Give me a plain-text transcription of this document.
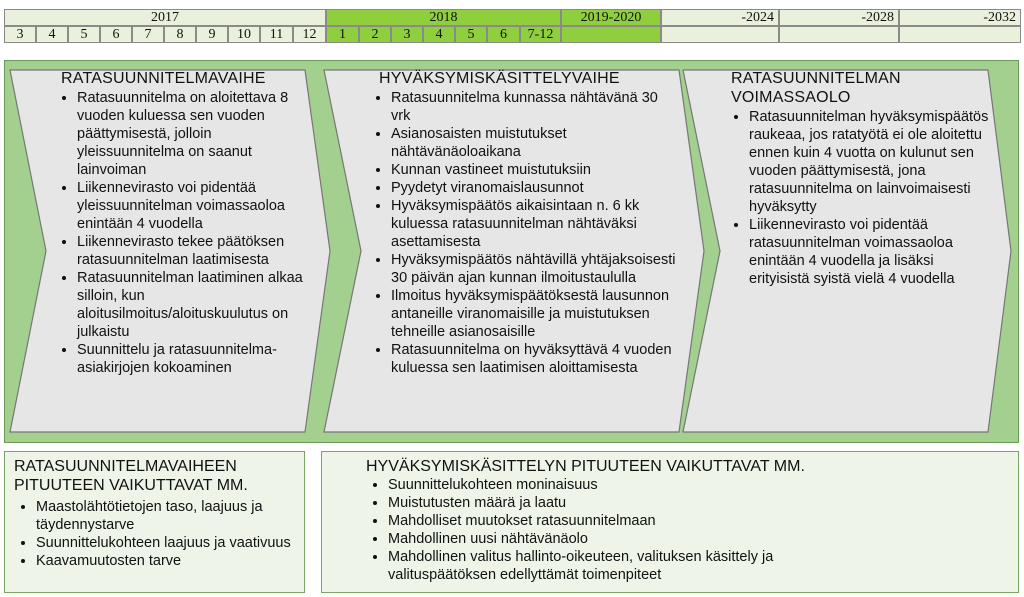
2017	2018	2019-2020	-2024	-2028	-2032
3	4	5	6	7	8	9	10	11	12	1	2	3	4	5	6	7-12
RATASUUNNITELMAVAIHE
• Ratasuunnitelma on aloitettava 8 vuoden kuluessa sen vuoden päättymisestä, jolloin yleissuunnitelma on saanut lainvoiman
• Liikennevirasto voi pidentää yleissuunnitelman voimassaoloa enintään 4 vuodella
• Liikennevirasto tekee päätöksen ratasuunnitelman laatimisesta
• Ratasuunnitelman laatiminen alkaa silloin, kun aloitusilmoitus/aloituskuulutus on julkaistu
• Suunnittelu ja ratasuunnitelma-asiakirjojen kokoaminen
HYVÄKSYMISKÄSITTELYVAIHE
• Ratasuunnitelma kunnassa nähtävänä 30 vrk
• Asianosaisten muistutukset nähtävänäoloaikana
• Kunnan vastineet muistutuksiin
• Pyydetyt viranomaislausunnot
• Hyväksymispäätös aikaisintaan n. 6 kk kuluessa ratasuunnitelman nähtäväksi asettamisesta
• Hyväksymispäätös nähtävillä yhtäjaksoisesti 30 päivän ajan kunnan ilmoitustaululla
• Ilmoitus hyväksymispäätöksestä lausunnon antaneille viranomaisille ja muistutuksen tehneille asianosaisille
• Ratasuunnitelma on hyväksyttävä 4 vuoden kuluessa sen laatimisen aloittamisesta
RATASUUNNITELMAN VOIMASSAOLO
• Ratasuunnitelman hyväksymispäätös raukeaa, jos ratatyötä ei ole aloitettu ennen kuin 4 vuotta on kulunut sen vuoden päättymisestä, jona ratasuunnitelma on lainvoimaisesti hyväksytty
• Liikennevirasto voi pidentää ratasuunnitelman voimassaoloa enintään 4 vuodella ja lisäksi erityisistä syistä vielä 4 vuodella
RATASUUNNITELMAVAIHEEN PITUUTEEN VAIKUTTAVAT MM.
• Maastolähtötietojen taso, laajuus ja täydennystarve
• Suunnittelukohteen laajuus ja vaativuus
• Kaavamuutosten tarve
HYVÄKSYMISKÄSITTELYN PITUUTEEN VAIKUTTAVAT MM.
• Suunnittelukohteen moninaisuus
• Muistutusten määrä ja laatu
• Mahdolliset muutokset ratasuunnitelmaan
• Mahdollinen uusi nähtävänäolo
• Mahdollinen valitus hallinto-oikeuteen, valituksen käsittely ja valituspäätöksen edellyttämät toimenpiteet
